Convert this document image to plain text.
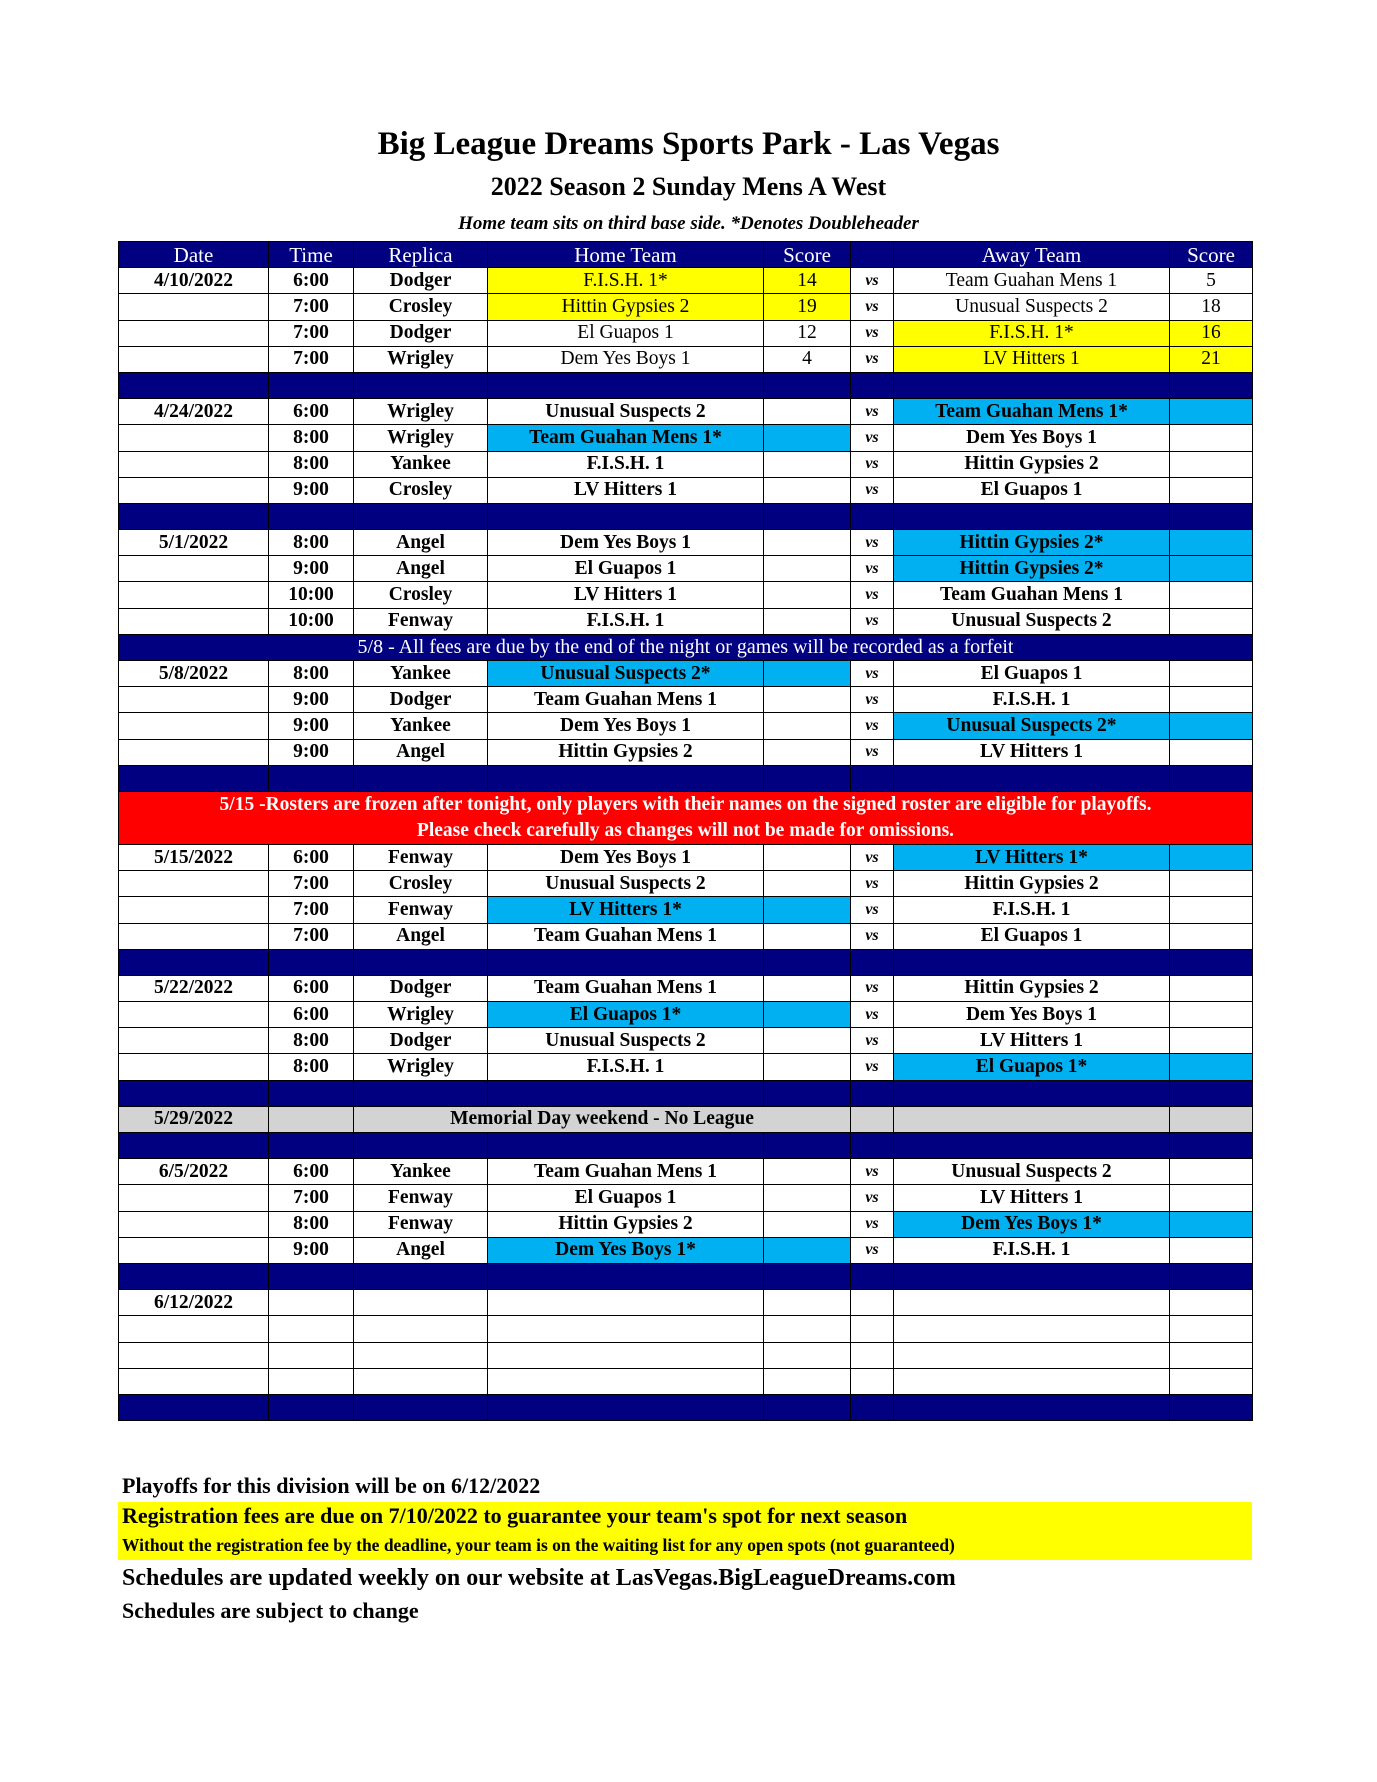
Big League Dreams Sports Park - Las Vegas
2022 Season 2 Sunday Mens A West
Home team sits on third base side. *Denotes Doubleheader
Date	Time	Replica	Home Team	Score		Away Team	Score
4/10/2022	6:00	Dodger	F.I.S.H. 1*	14	vs	Team Guahan Mens 1	5
	7:00	Crosley	Hittin Gypsies 2	19	vs	Unusual Suspects 2	18
	7:00	Dodger	El Guapos 1	12	vs	F.I.S.H. 1*	16
	7:00	Wrigley	Dem Yes Boys 1	4	vs	LV Hitters 1	21

4/24/2022	6:00	Wrigley	Unusual Suspects 2		vs	Team Guahan Mens 1*	
	8:00	Wrigley	Team Guahan Mens 1*		vs	Dem Yes Boys 1	
	8:00	Yankee	F.I.S.H. 1		vs	Hittin Gypsies 2	
	9:00	Crosley	LV Hitters 1		vs	El Guapos 1	

5/1/2022	8:00	Angel	Dem Yes Boys 1		vs	Hittin Gypsies 2*	
	9:00	Angel	El Guapos 1		vs	Hittin Gypsies 2*	
	10:00	Crosley	LV Hitters 1		vs	Team Guahan Mens 1	
	10:00	Fenway	F.I.S.H. 1		vs	Unusual Suspects 2	
5/8 - All fees are due by the end of the night or games will be recorded as a forfeit							
5/8/2022	8:00	Yankee	Unusual Suspects 2*		vs	El Guapos 1	
	9:00	Dodger	Team Guahan Mens 1		vs	F.I.S.H. 1	
	9:00	Yankee	Dem Yes Boys 1		vs	Unusual Suspects 2*	
	9:00	Angel	Hittin Gypsies 2		vs	LV Hitters 1	

5/15 -Rosters are frozen after tonight, only players with their names on the signed roster are eligible for playoffs.
Please check carefully as changes will not be made for omissions.							

5/15/2022	6:00	Fenway	Dem Yes Boys 1		vs	LV Hitters 1*	
	7:00	Crosley	Unusual Suspects 2		vs	Hittin Gypsies 2	
	7:00	Fenway	LV Hitters 1*		vs	F.I.S.H. 1	
	7:00	Angel	Team Guahan Mens 1		vs	El Guapos 1	

5/22/2022	6:00	Dodger	Team Guahan Mens 1		vs	Hittin Gypsies 2	
	6:00	Wrigley	El Guapos 1*		vs	Dem Yes Boys 1	
	8:00	Dodger	Unusual Suspects 2		vs	LV Hitters 1	
	8:00	Wrigley	F.I.S.H. 1		vs	El Guapos 1*	

5/29/2022		Memorial Day weekend - No League					

6/5/2022	6:00	Yankee	Team Guahan Mens 1		vs	Unusual Suspects 2	
	7:00	Fenway	El Guapos 1		vs	LV Hitters 1	
	8:00	Fenway	Hittin Gypsies 2		vs	Dem Yes Boys 1*	
	9:00	Angel	Dem Yes Boys 1*		vs	F.I.S.H. 1	

6/12/2022							

Playoffs for this division will be on 6/12/2022
Registration fees are due on 7/10/2022 to guarantee your team's spot for next season
Without the registration fee by the deadline, your team is on the waiting list for any open spots (not guaranteed)
Schedules are updated weekly on our website at LasVegas.BigLeagueDreams.com
Schedules are subject to change
